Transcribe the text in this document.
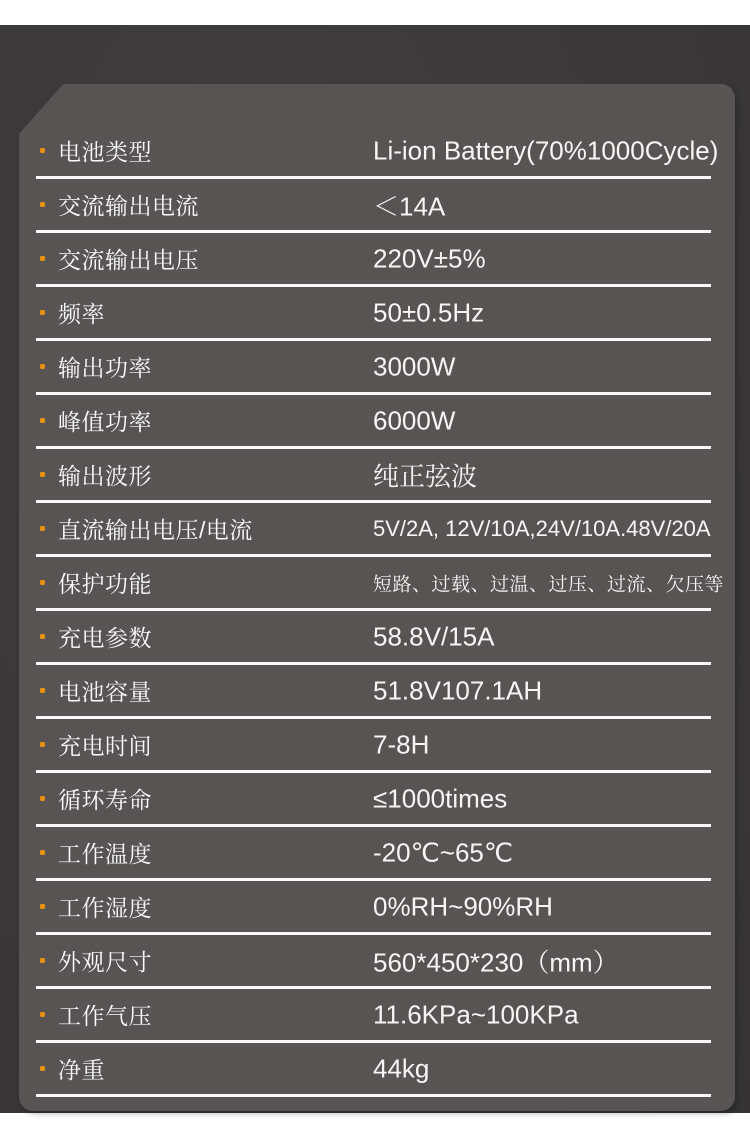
电池类型	Li-ion Battery(70%1000Cycle)
交流输出电流	＜14A
交流输出电压	220V±5%
频率	50±0.5Hz
输出功率	3000W
峰值功率	6000W
输出波形	纯正弦波
直流输出电压/电流	5V/2A, 12V/10A,24V/10A.48V/20A
保护功能	短路、过载、过温、过压、过流、欠压等
充电参数	58.8V/15A
电池容量	51.8V107.1AH
充电时间	7-8H
循环寿命	≤1000times
工作温度	-20℃~65℃
工作湿度	0%RH~90%RH
外观尺寸	560*450*230（mm）
工作气压	11.6KPa~100KPa
净重	44kg
